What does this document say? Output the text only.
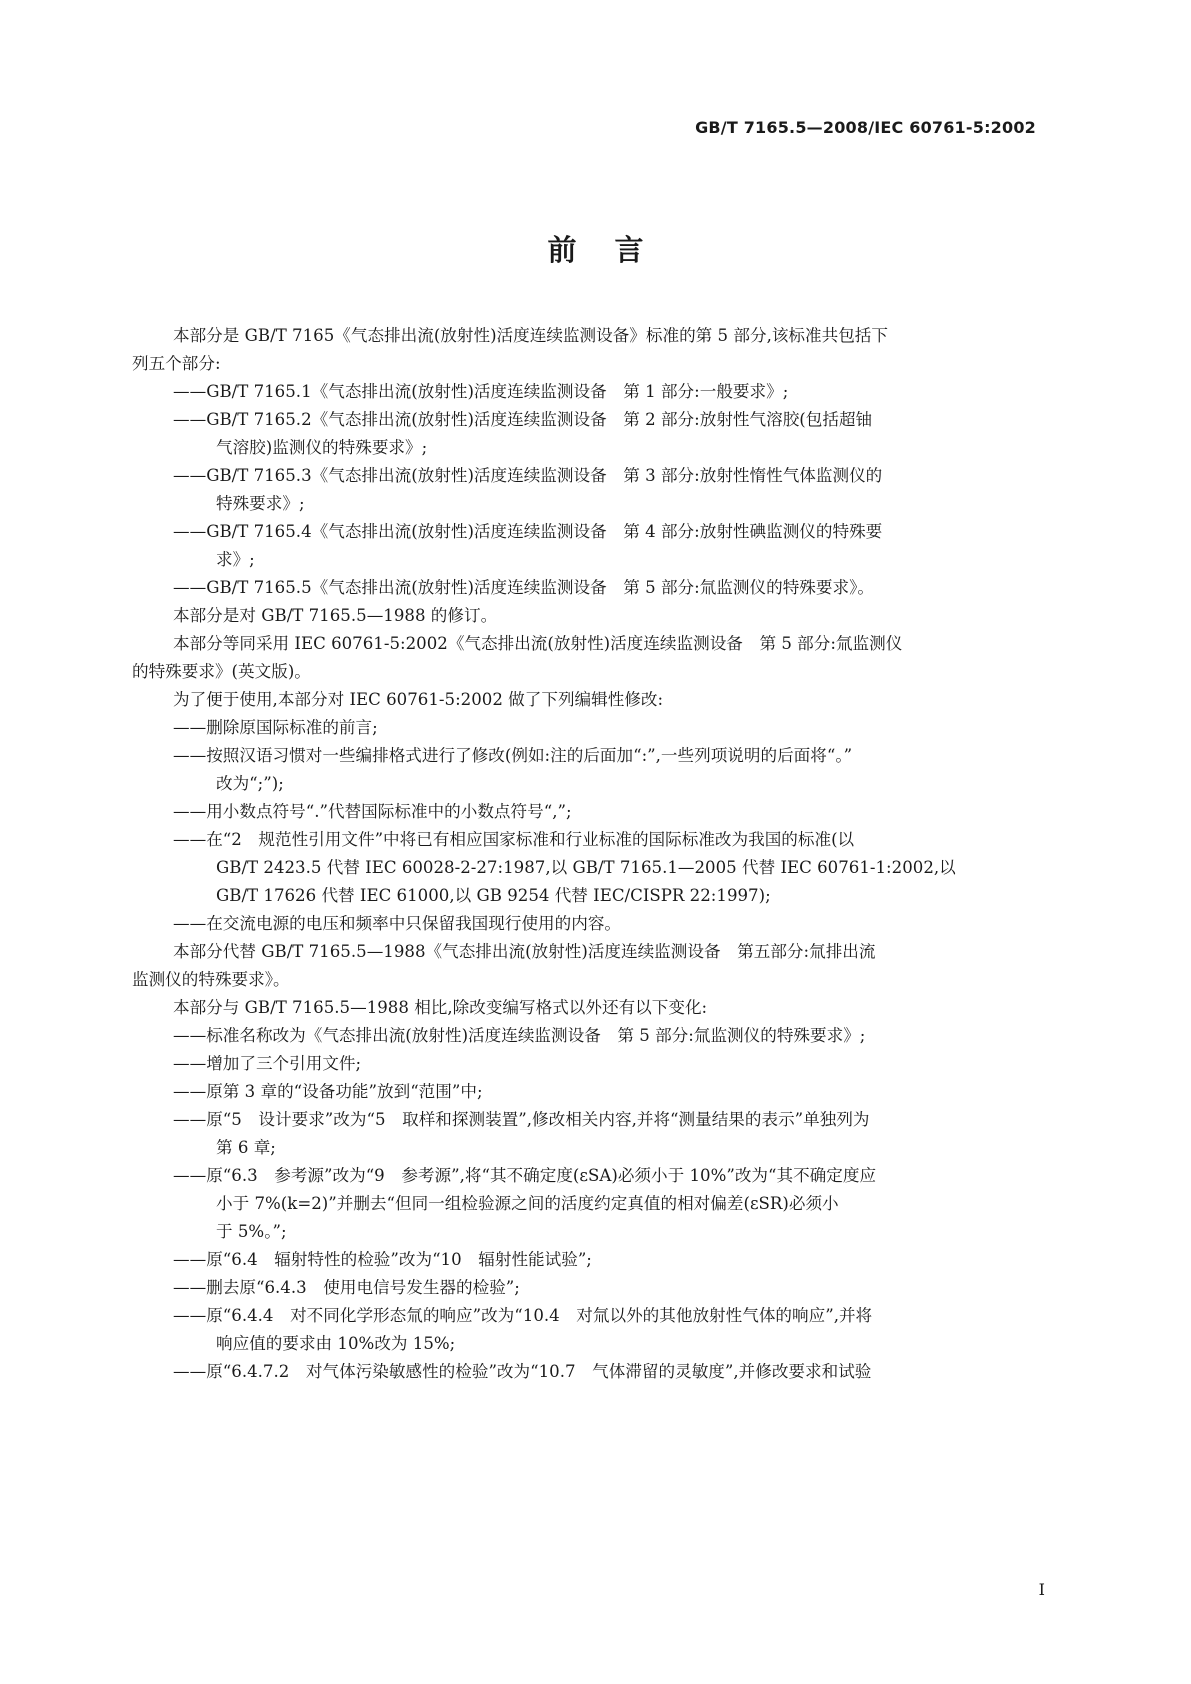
GB/T 7165.5—2008/IEC 60761-5:2002
前言
本部分是 GB/T 7165《气态排出流(放射性)活度连续监测设备》标准的第 5 部分,该标准共包括下
列五个部分:
——GB/T 7165.1《气态排出流(放射性)活度连续监测设备　第 1 部分:一般要求》;
——GB/T 7165.2《气态排出流(放射性)活度连续监测设备　第 2 部分:放射性气溶胶(包括超铀
气溶胶)监测仪的特殊要求》;
——GB/T 7165.3《气态排出流(放射性)活度连续监测设备　第 3 部分:放射性惰性气体监测仪的
特殊要求》;
——GB/T 7165.4《气态排出流(放射性)活度连续监测设备　第 4 部分:放射性碘监测仪的特殊要
求》;
——GB/T 7165.5《气态排出流(放射性)活度连续监测设备　第 5 部分:氚监测仪的特殊要求》。
本部分是对 GB/T 7165.5—1988 的修订。
本部分等同采用 IEC 60761-5:2002《气态排出流(放射性)活度连续监测设备　第 5 部分:氚监测仪
的特殊要求》(英文版)。
为了便于使用,本部分对 IEC 60761-5:2002 做了下列编辑性修改:
——删除原国际标准的前言;
——按照汉语习惯对一些编排格式进行了修改(例如:注的后面加“:”,一些列项说明的后面将“。”
改为“;”);
——用小数点符号“.”代替国际标准中的小数点符号“,”;
——在“2　规范性引用文件”中将已有相应国家标准和行业标准的国际标准改为我国的标准(以
GB/T 2423.5 代替 IEC 60028-2-27:1987,以 GB/T 7165.1—2005 代替 IEC 60761-1:2002,以
GB/T 17626 代替 IEC 61000,以 GB 9254 代替 IEC/CISPR 22:1997);
——在交流电源的电压和频率中只保留我国现行使用的内容。
本部分代替 GB/T 7165.5—1988《气态排出流(放射性)活度连续监测设备　第五部分:氚排出流
监测仪的特殊要求》。
本部分与 GB/T 7165.5—1988 相比,除改变编写格式以外还有以下变化:
——标准名称改为《气态排出流(放射性)活度连续监测设备　第 5 部分:氚监测仪的特殊要求》;
——增加了三个引用文件;
——原第 3 章的“设备功能”放到“范围”中;
——原“5　设计要求”改为“5　取样和探测装置”,修改相关内容,并将“测量结果的表示”单独列为
第 6 章;
——原“6.3　参考源”改为“9　参考源”,将“其不确定度(εSA)必须小于 10%”改为“其不确定度应
小于 7%(k=2)”并删去“但同一组检验源之间的活度约定真值的相对偏差(εSR)必须小
于 5%。”;
——原“6.4　辐射特性的检验”改为“10　辐射性能试验”;
——删去原“6.4.3　使用电信号发生器的检验”;
——原“6.4.4　对不同化学形态氚的响应”改为“10.4　对氚以外的其他放射性气体的响应”,并将
响应值的要求由 10%改为 15%;
——原“6.4.7.2　对气体污染敏感性的检验”改为“10.7　气体滞留的灵敏度”,并修改要求和试验
I
